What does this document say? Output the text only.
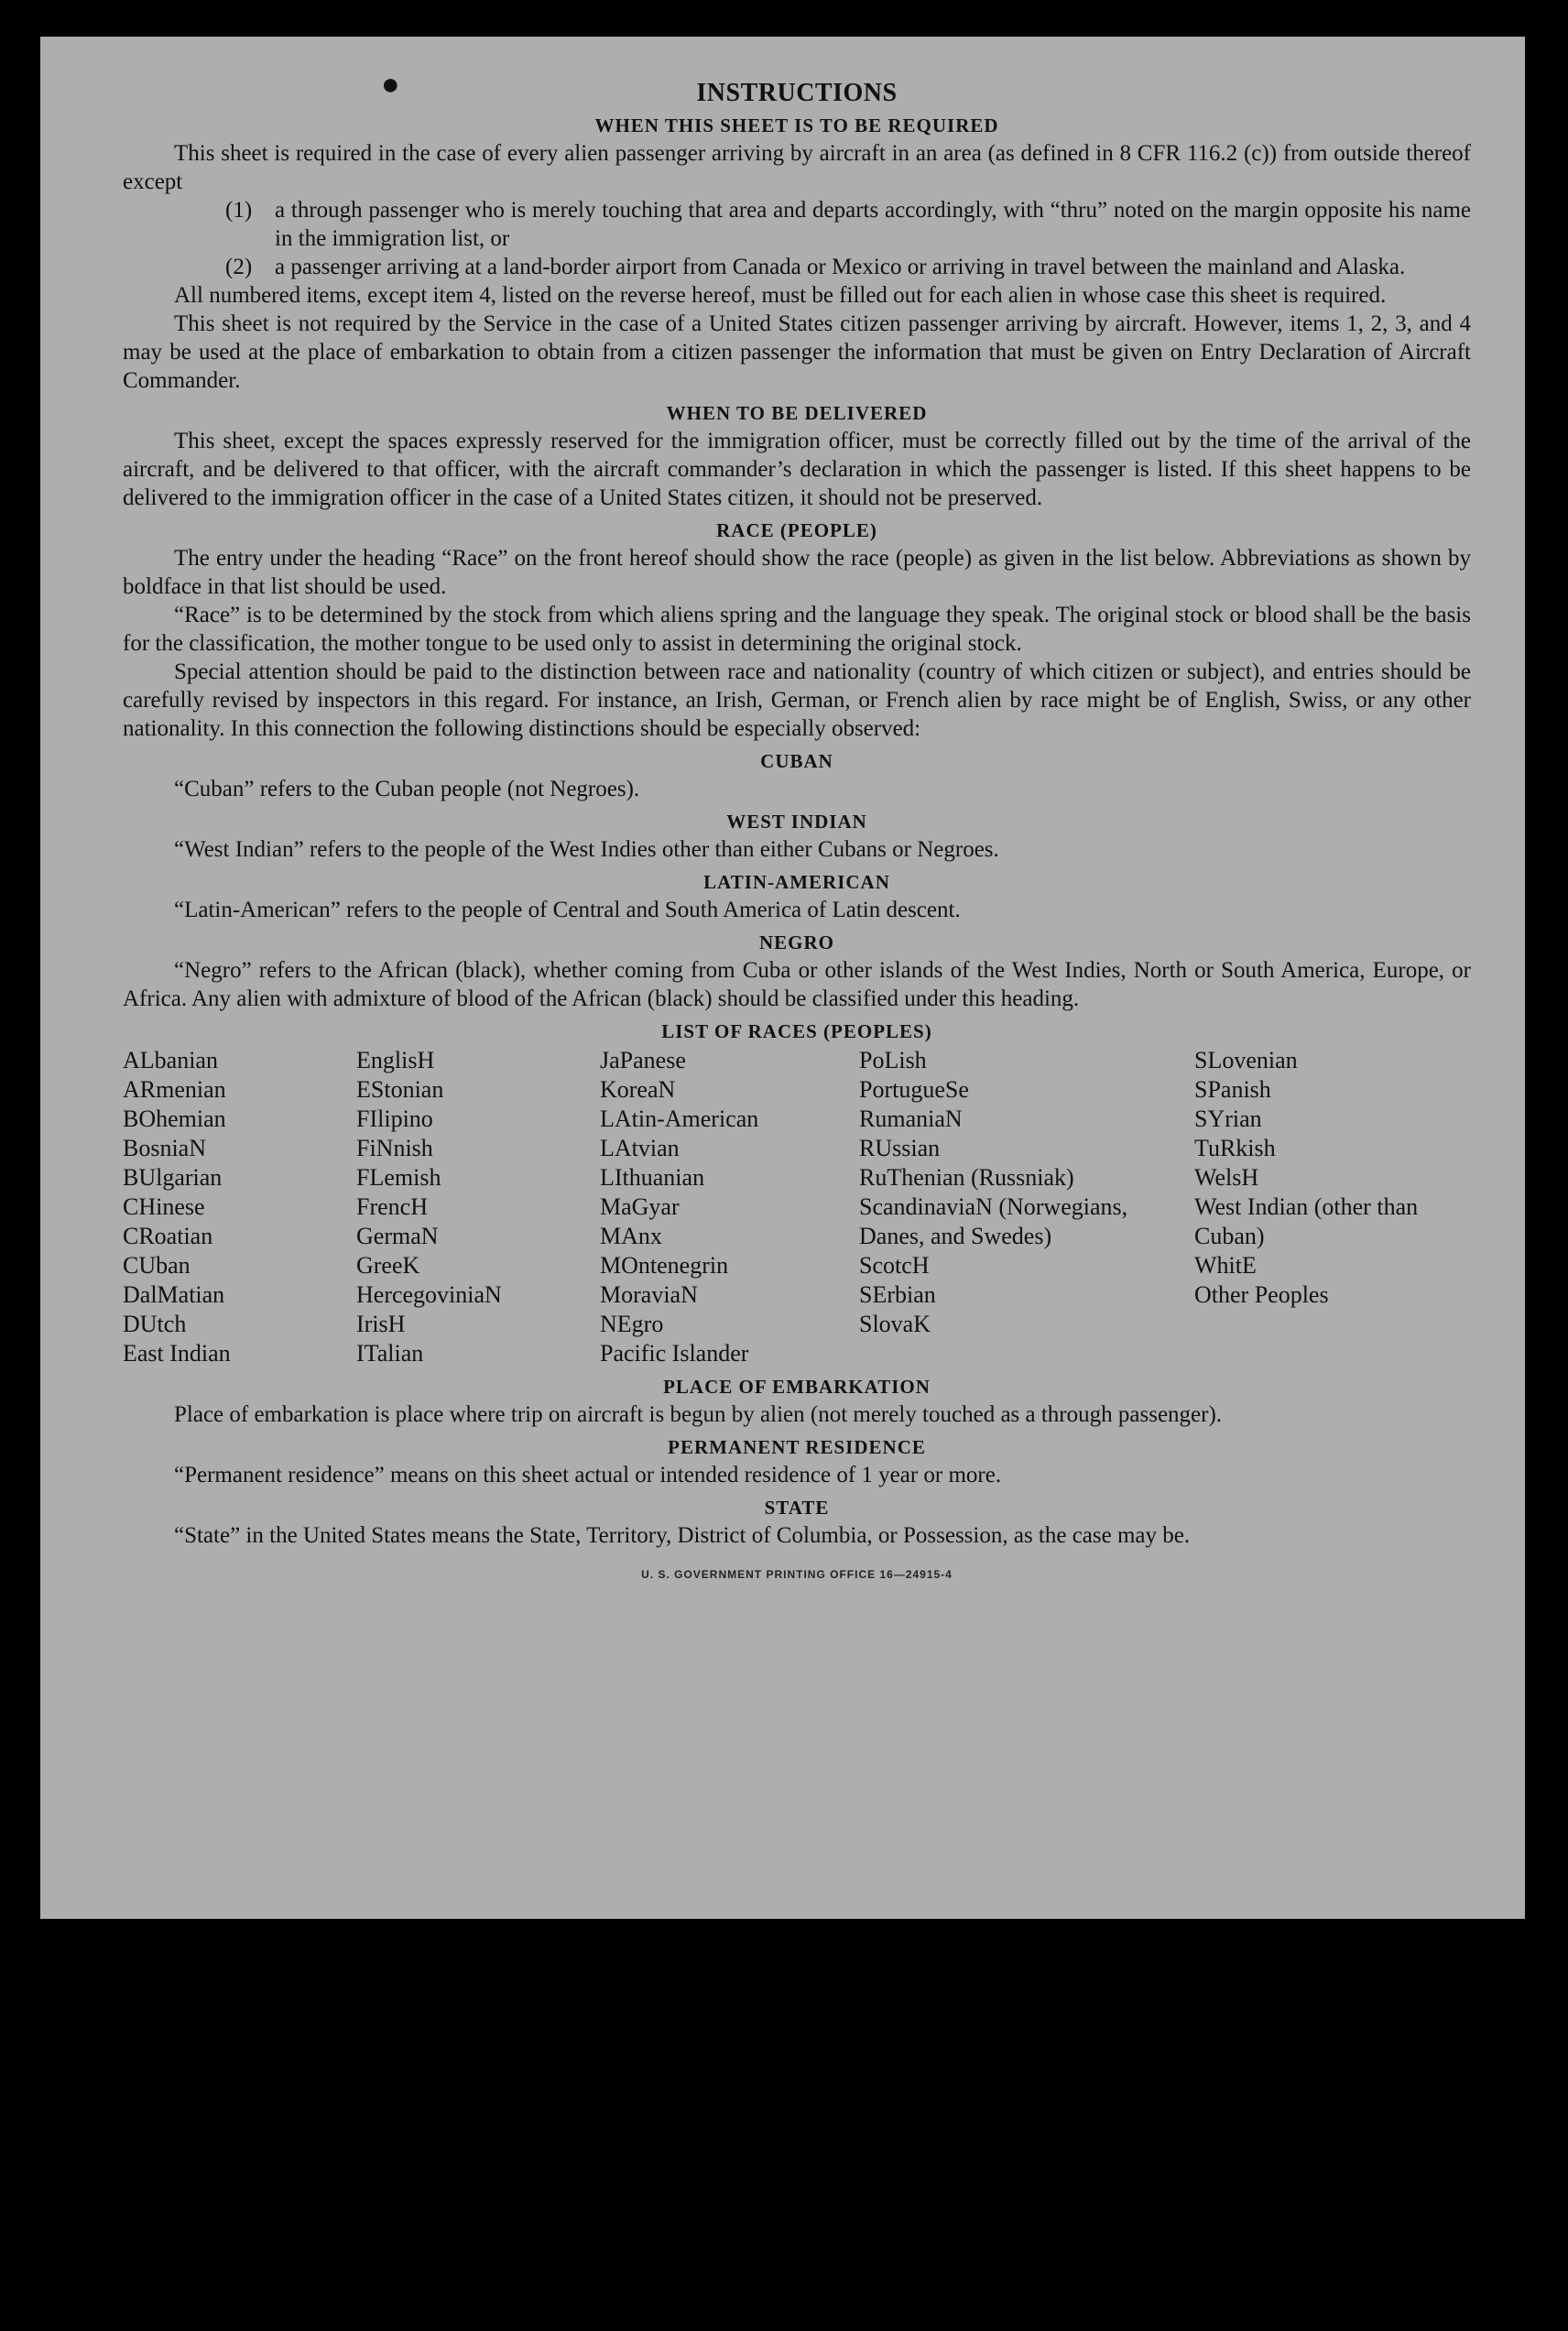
●	INSTRUCTIONS
WHEN THIS SHEET IS TO BE REQUIRED

This sheet is required in the case of every alien passenger arriving by aircraft in an area (as defined in 8 CFR 116.2 (c)) from outside thereof except

(1) a through passenger who is merely touching that area and departs accordingly, with “thru” noted on the margin opposite his name in the immigration list, or
(2) a passenger arriving at a land-border airport from Canada or Mexico or arriving in travel between the mainland and Alaska.

All numbered items, except item 4, listed on the reverse hereof, must be filled out for each alien in whose case this sheet is required.

This sheet is not required by the Service in the case of a United States citizen passenger arriving by aircraft. However, items 1, 2, 3, and 4 may be used at the place of embarkation to obtain from a citizen passenger the information that must be given on Entry Declaration of Aircraft Commander.

WHEN TO BE DELIVERED

This sheet, except the spaces expressly reserved for the immigration officer, must be correctly filled out by the time of the arrival of the aircraft, and be delivered to that officer, with the aircraft commander’s declaration in which the passenger is listed. If this sheet happens to be delivered to the immigration officer in the case of a United States citizen, it should not be preserved.

RACE (PEOPLE)

The entry under the heading “Race” on the front hereof should show the race (people) as given in the list below. Abbreviations as shown by boldface in that list should be used.

“Race” is to be determined by the stock from which aliens spring and the language they speak. The original stock or blood shall be the basis for the classification, the mother tongue to be used only to assist in determining the original stock.

Special attention should be paid to the distinction between race and nationality (country of which citizen or subject), and entries should be carefully revised by inspectors in this regard. For instance, an Irish, German, or French alien by race might be of English, Swiss, or any other nationality. In this connection the following distinctions should be especially observed:

CUBAN

“Cuban” refers to the Cuban people (not Negroes).

WEST INDIAN

“West Indian” refers to the people of the West Indies other than either Cubans or Negroes.

LATIN-AMERICAN

“Latin-American” refers to the people of Central and South America of Latin descent.

NEGRO

“Negro” refers to the African (black), whether coming from Cuba or other islands of the West Indies, North or South America, Europe, or Africa. Any alien with admixture of blood of the African (black) should be classified under this heading.

LIST OF RACES (PEOPLES)
ALbanian
ARmenian
BOhemian
BosniaN
BUlgarian
CHinese
CRoatian
CUban
DalMatian
DUtch
East Indian
EnglisH
EStonian
FIlipino
FiNnish
FLemish
FrencH
GermaN
GreeK
HercegoviniaN
IrisH
ITalian
JaPanese
KoreaN
LAtin-American
LAtvian
LIthuanian
MaGyar
MAnx
MOntenegrin
MoraviaN
NEgro
Pacific Islander
PoLish
PortugueSe
RumaniaN
RUssian
RuThenian (Russniak)
ScandinaviaN (Norwegians, Danes, and Swedes)
ScotcH
SErbian
SlovaK
SLovenian
SPanish
SYrian
TuRkish
WelsH
West Indian (other than Cuban)
WhitE
Other Peoples
PLACE OF EMBARKATION

Place of embarkation is place where trip on aircraft is begun by alien (not merely touched as a through passenger).

PERMANENT RESIDENCE

“Permanent residence” means on this sheet actual or intended residence of 1 year or more.

STATE

“State” in the United States means the State, Territory, District of Columbia, or Possession, as the case may be.

U. S. GOVERNMENT PRINTING OFFICE 16—24915-4
